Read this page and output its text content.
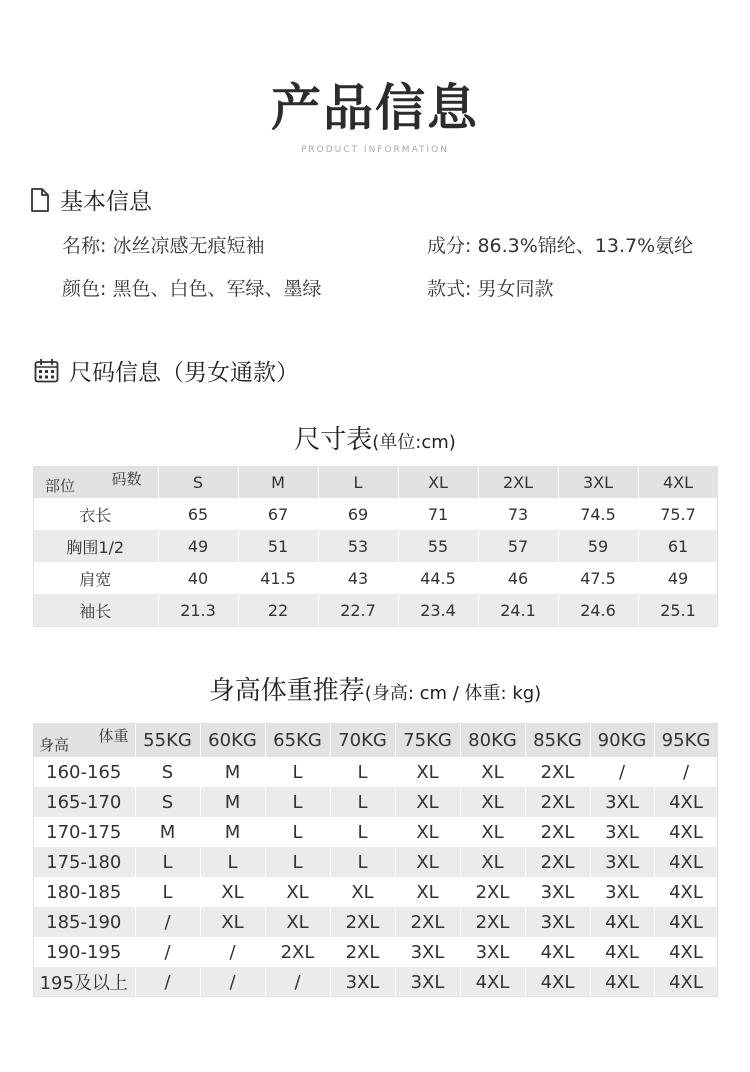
产品信息
PRODUCT INFORMATION
基本信息
名称: 冰丝凉感无痕短袖	成分: 86.3%锦纶、13.7%氨纶
颜色: 黑色、白色、军绿、墨绿	款式: 男女同款
尺码信息（男女通款）
尺寸表(单位:cm)
码数
部位	S	M	L	XL	2XL	3XL	4XL
衣长	65	67	69	71	73	74.5	75.7
胸围1/2	49	51	53	55	57	59	61
肩宽	40	41.5	43	44.5	46	47.5	49
袖长	21.3	22	22.7	23.4	24.1	24.6	25.1
身高体重推荐(身高: cm / 体重: kg)
体重
身高	55KG	60KG	65KG	70KG	75KG	80KG	85KG	90KG	95KG
160-165	S	M	L	L	XL	XL	2XL	/	/
165-170	S	M	L	L	XL	XL	2XL	3XL	4XL
170-175	M	M	L	L	XL	XL	2XL	3XL	4XL
175-180	L	L	L	L	XL	XL	2XL	3XL	4XL
180-185	L	XL	XL	XL	XL	2XL	3XL	3XL	4XL
185-190	/	XL	XL	2XL	2XL	2XL	3XL	4XL	4XL
190-195	/	/	2XL	2XL	3XL	3XL	4XL	4XL	4XL
195及以上	/	/	/	3XL	3XL	4XL	4XL	4XL	4XL
